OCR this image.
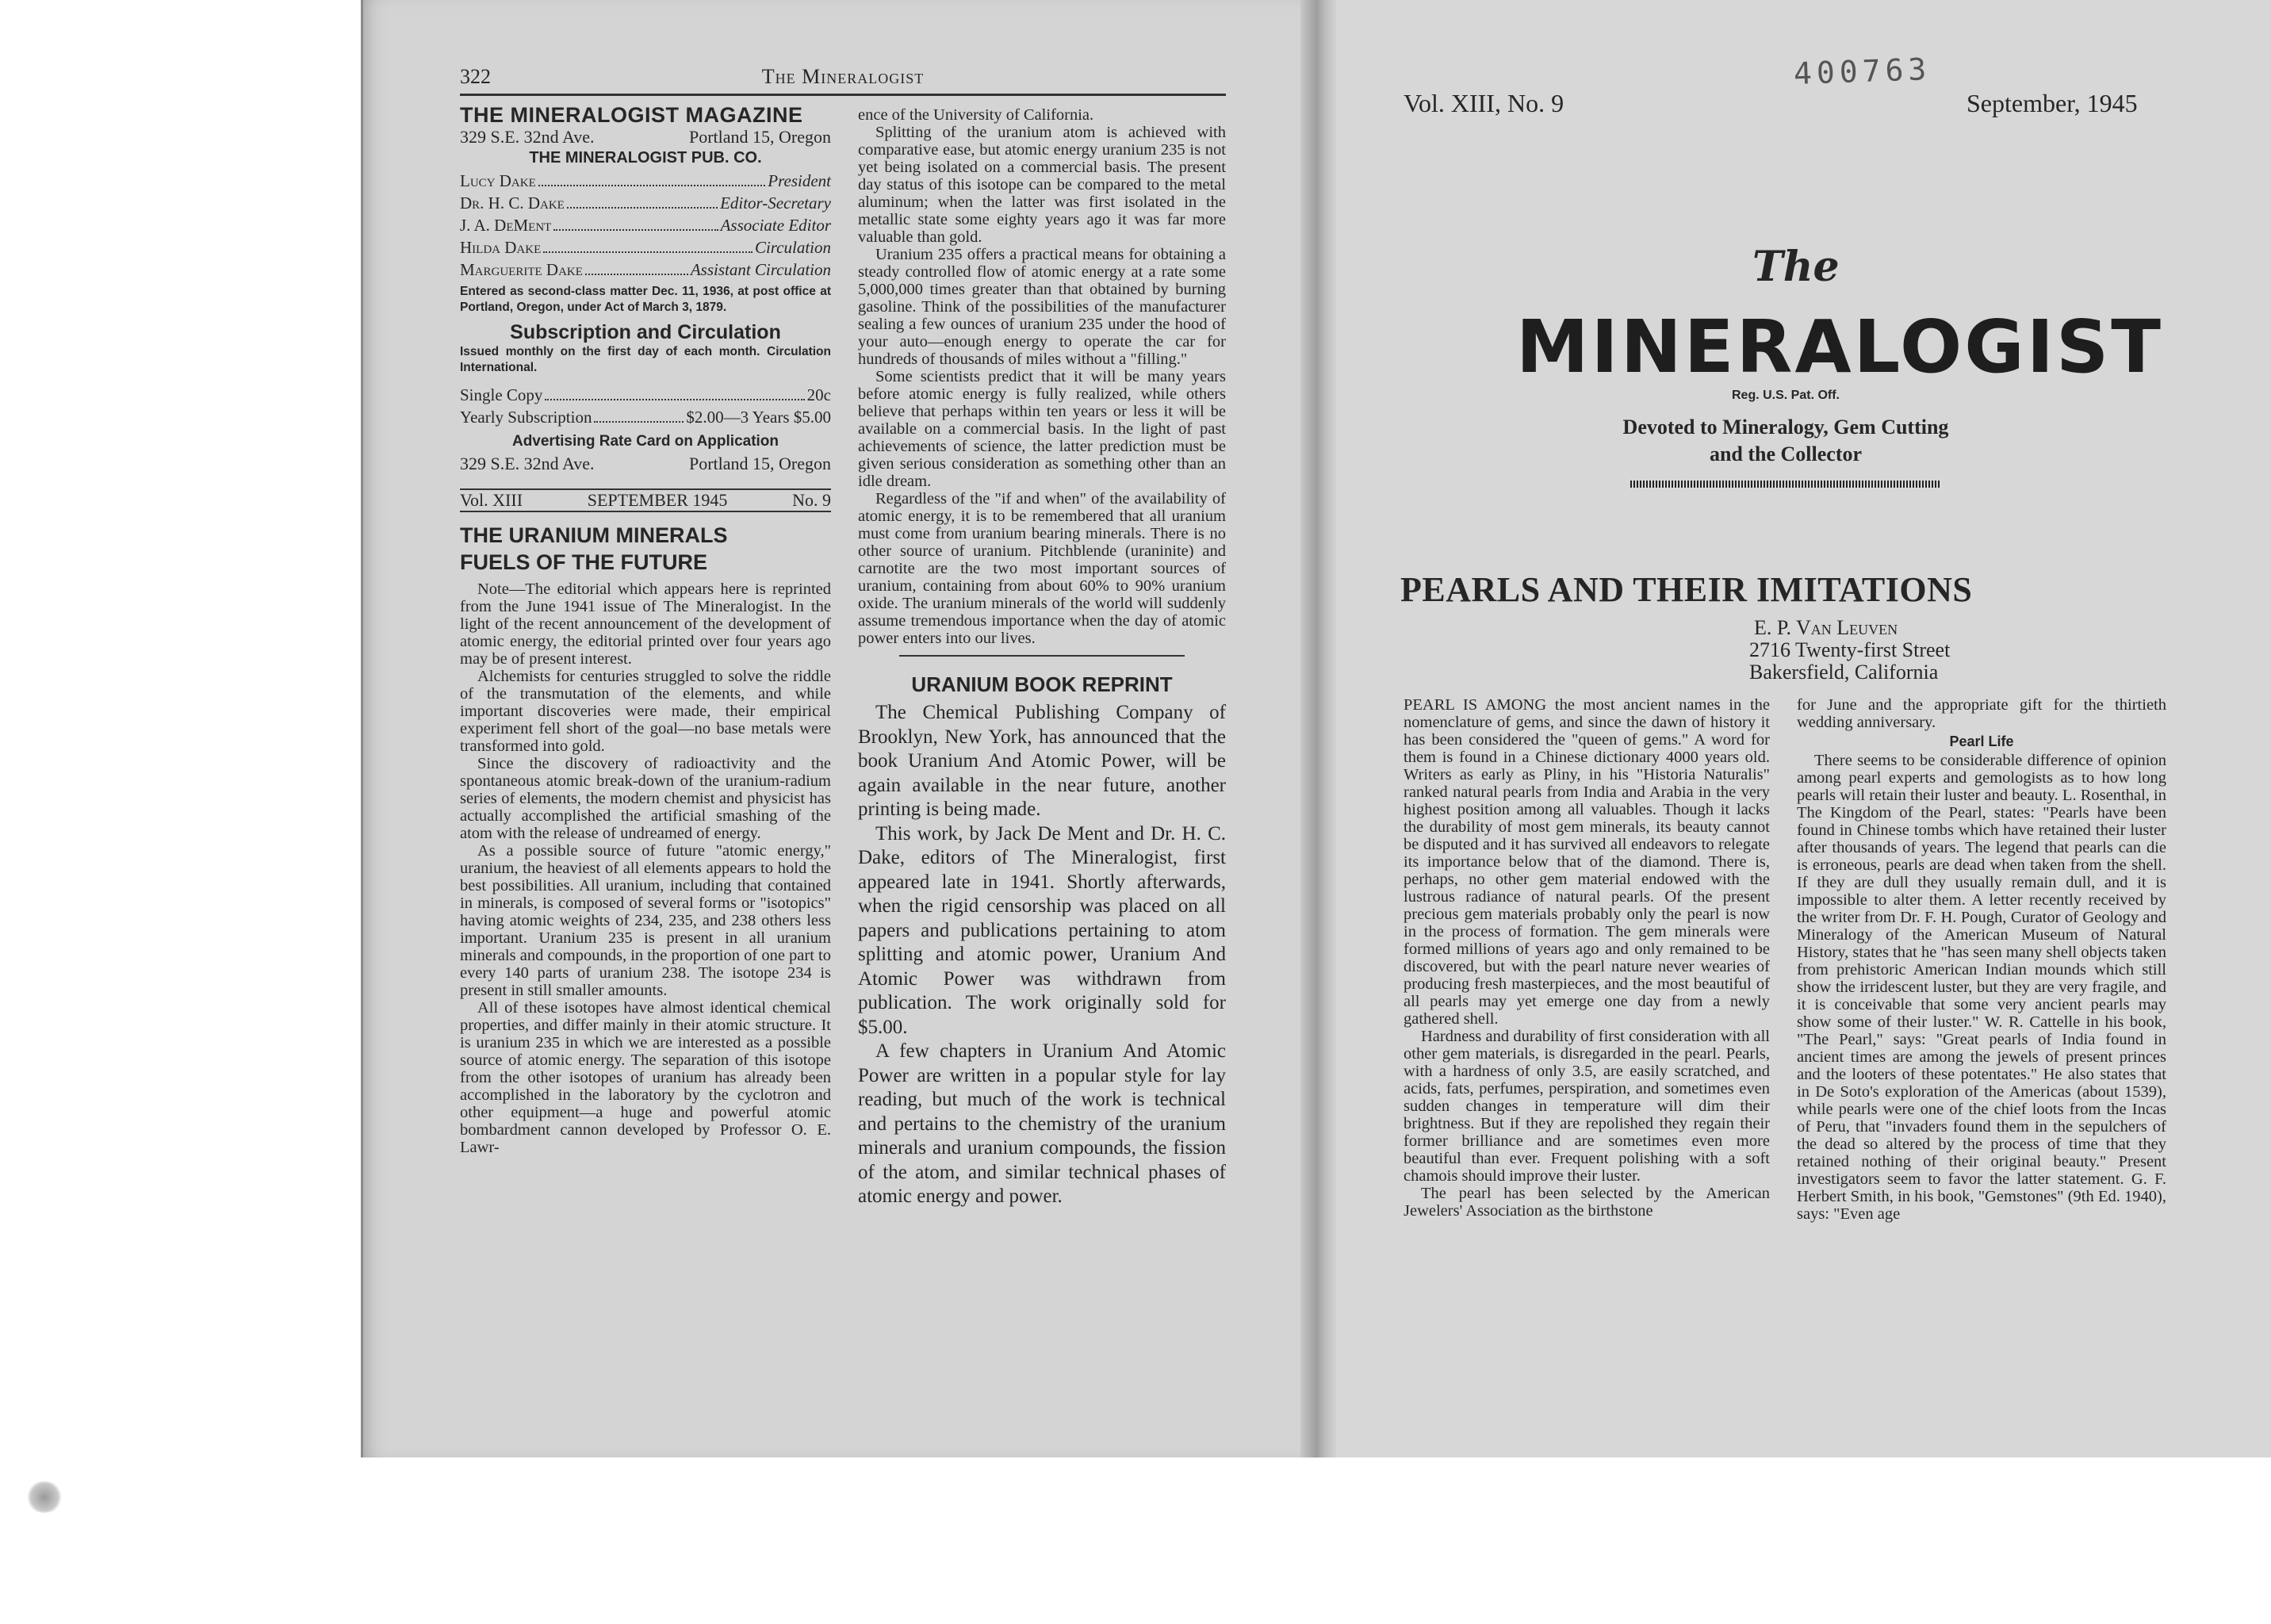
322	The Mineralogist
THE MINERALOGIST MAGAZINE
329 S.E. 32nd Ave.	Portland 15, Oregon
THE MINERALOGIST PUB. CO.
Lucy Dake	President
Dr. H. C. Dake	Editor-Secretary
J. A. DeMent	Associate Editor
Hilda Dake	Circulation
Marguerite Dake	Assistant Circulation
Entered as second-class matter Dec. 11, 1936, at post office at Portland, Oregon, under Act of March 3, 1879.
Subscription and Circulation
Issued monthly on the first day of each month. Circulation International.
Single Copy	20c
Yearly Subscription	$2.00—3 Years $5.00
Advertising Rate Card on Application
329 S.E. 32nd Ave.	Portland 15, Oregon
Vol. XIII	SEPTEMBER 1945	No. 9
THE URANIUM MINERALS
FUELS OF THE FUTURE

Note—The editorial which appears here is reprinted from the June 1941 issue of The Mineralogist. In the light of the recent announcement of the development of atomic energy, the editorial printed over four years ago may be of present interest.

Alchemists for centuries struggled to solve the riddle of the transmutation of the elements, and while important discoveries were made, their empirical experiment fell short of the goal—no base metals were transformed into gold.

Since the discovery of radioactivity and the spontaneous atomic break-down of the uranium-radium series of elements, the modern chemist and physicist has actually accomplished the artificial smashing of the atom with the release of undreamed of energy.

As a possible source of future "atomic energy," uranium, the heaviest of all elements appears to hold the best possibilities. All uranium, including that contained in minerals, is composed of several forms or "isotopics" having atomic weights of 234, 235, and 238 others less important. Uranium 235 is present in all uranium minerals and compounds, in the proportion of one part to every 140 parts of uranium 238. The isotope 234 is present in still smaller amounts.

All of these isotopes have almost identical chemical properties, and differ mainly in their atomic structure. It is uranium 235 in which we are interested as a possible source of atomic energy. The separation of this isotope from the other isotopes of uranium has already been accomplished in the laboratory by the cyclotron and other equipment—a huge and powerful atomic bombardment cannon developed by Professor O. E. Lawr-

ence of the University of California.

Splitting of the uranium atom is achieved with comparative ease, but atomic energy uranium 235 is not yet being isolated on a commercial basis. The present day status of this isotope can be compared to the metal aluminum; when the latter was first isolated in the metallic state some eighty years ago it was far more valuable than gold.

Uranium 235 offers a practical means for obtaining a steady controlled flow of atomic energy at a rate some 5,000,000 times greater than that obtained by burning gasoline. Think of the possibilities of the manufacturer sealing a few ounces of uranium 235 under the hood of your auto—enough energy to operate the car for hundreds of thousands of miles without a "filling."

Some scientists predict that it will be many years before atomic energy is fully realized, while others believe that perhaps within ten years or less it will be available on a commercial basis. In the light of past achievements of science, the latter prediction must be given serious consideration as something other than an idle dream.

Regardless of the "if and when" of the availability of atomic energy, it is to be remembered that all uranium must come from uranium bearing minerals. There is no other source of uranium. Pitchblende (uraninite) and carnotite are the two most important sources of uranium, containing from about 60% to 90% uranium oxide. The uranium minerals of the world will suddenly assume tremendous importance when the day of atomic power enters into our lives.

URANIUM BOOK REPRINT

The Chemical Publishing Company of Brooklyn, New York, has announced that the book Uranium And Atomic Power, will be again available in the near future, another printing is being made.

This work, by Jack De Ment and Dr. H. C. Dake, editors of The Mineralogist, first appeared late in 1941. Shortly afterwards, when the rigid censorship was placed on all papers and publications pertaining to atom splitting and atomic power, Uranium And Atomic Power was withdrawn from publication. The work originally sold for $5.00.

A few chapters in Uranium And Atomic Power are written in a popular style for lay reading, but much of the work is technical and pertains to the chemistry of the uranium minerals and uranium compounds, the fission of the atom, and similar technical phases of atomic energy and power.

Vol. XIII, No. 9
400763
September, 1945
The
MINERALOGIST
Reg. U.S. Pat. Off.
Devoted to Mineralogy, Gem Cutting
and the Collector
PEARLS AND THEIR IMITATIONS
E. P. Van Leuven
2716 Twenty-first Street
Bakersfield, California

PEARL IS AMONG the most ancient names in the nomenclature of gems, and since the dawn of history it has been considered the "queen of gems." A word for them is found in a Chinese dictionary 4000 years old. Writers as early as Pliny, in his "Historia Naturalis" ranked natural pearls from India and Arabia in the very highest position among all valuables. Though it lacks the durability of most gem minerals, its beauty cannot be disputed and it has survived all endeavors to relegate its importance below that of the diamond. There is, perhaps, no other gem material endowed with the lustrous radiance of natural pearls. Of the present precious gem materials probably only the pearl is now in the process of formation. The gem minerals were formed millions of years ago and only remained to be discovered, but with the pearl nature never wearies of producing fresh masterpieces, and the most beautiful of all pearls may yet emerge one day from a newly gathered shell.

Hardness and durability of first consideration with all other gem materials, is disregarded in the pearl. Pearls, with a hardness of only 3.5, are easily scratched, and acids, fats, perfumes, perspiration, and sometimes even sudden changes in temperature will dim their brightness. But if they are repolished they regain their former brilliance and are sometimes even more beautiful than ever. Frequent polishing with a soft chamois should improve their luster.

The pearl has been selected by the American Jewelers' Association as the birthstone

for June and the appropriate gift for the thirtieth wedding anniversary.

Pearl Life

There seems to be considerable difference of opinion among pearl experts and gemologists as to how long pearls will retain their luster and beauty. L. Rosenthal, in The Kingdom of the Pearl, states: "Pearls have been found in Chinese tombs which have retained their luster after thousands of years. The legend that pearls can die is erroneous, pearls are dead when taken from the shell. If they are dull they usually remain dull, and it is impossible to alter them. A letter recently received by the writer from Dr. F. H. Pough, Curator of Geology and Mineralogy of the American Museum of Natural History, states that he "has seen many shell objects taken from prehistoric American Indian mounds which still show the irridescent luster, but they are very fragile, and it is conceivable that some very ancient pearls may show some of their luster." W. R. Cattelle in his book, "The Pearl," says: "Great pearls of India found in ancient times are among the jewels of present princes and the looters of these potentates." He also states that in De Soto's exploration of the Americas (about 1539), while pearls were one of the chief loots from the Incas of Peru, that "invaders found them in the sepulchers of the dead so altered by the process of time that they retained nothing of their original beauty." Present investigators seem to favor the latter statement. G. F. Herbert Smith, in his book, "Gemstones" (9th Ed. 1940), says: "Even age
